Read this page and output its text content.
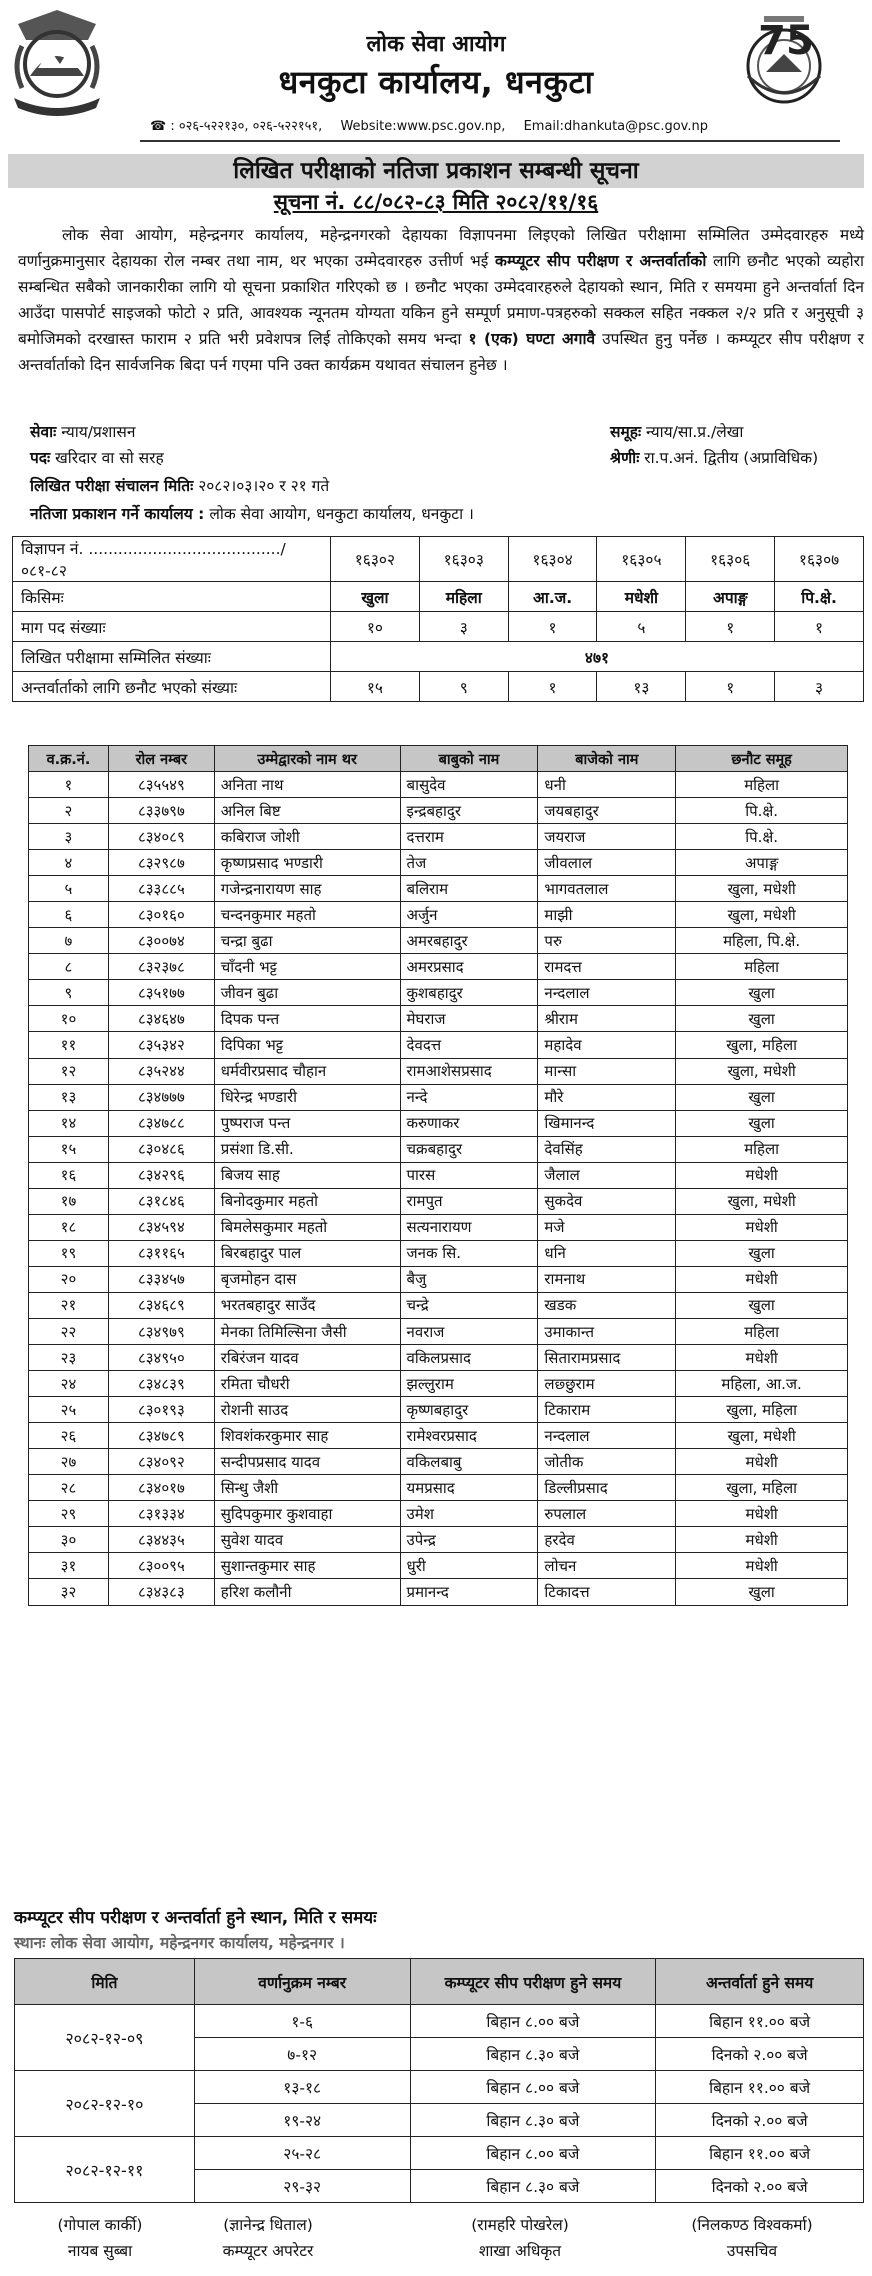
लोक सेवा आयोग
धनकुटा कार्यालय, धनकुटा
75
☎ : ०२६-५२२१३०, ०२६-५२२१५१, Website:www.psc.gov.np, Email:dhankuta@psc.gov.np
लिखित परीक्षाको नतिजा प्रकाशन सम्बन्धी सूचना
सूचना नं. ८८/०८२-८३ मिति २०८२/११/१६
लोक सेवा आयोग, महेन्द्रनगर कार्यालय, महेन्द्रनगरको देहायका विज्ञापनमा लिइएको लिखित परीक्षामा सम्मिलित उम्मेदवारहरु मध्ये वर्णानुक्रमानुसार देहायका रोल नम्बर तथा नाम, थर भएका उम्मेदवारहरु उत्तीर्ण भई कम्प्यूटर सीप परीक्षण र अन्तर्वार्ताको लागि छनौट भएको व्यहोरा सम्बन्धित सबैको जानकारीका लागि यो सूचना प्रकाशित गरिएको छ । छनौट भएका उम्मेदवारहरुले देहायको स्थान, मिति र समयमा हुने अन्तर्वार्ता दिन आउँदा पासपोर्ट साइजको फोटो २ प्रति, आवश्यक न्यूनतम योग्यता यकिन हुने सम्पूर्ण प्रमाण-पत्रहरुको सक्कल सहित नक्कल २/२ प्रति र अनुसूची ३ बमोजिमको दरखास्त फाराम २ प्रति भरी प्रवेशपत्र लिई तोकिएको समय भन्दा १ (एक) घण्टा अगावै उपस्थित हुनु पर्नेछ । कम्प्यूटर सीप परीक्षण र अन्तर्वार्ताको दिन सार्वजनिक बिदा पर्न गएमा पनि उक्त कार्यक्रम यथावत संचालन हुनेछ ।
सेवाः न्याय/प्रशासन	समूहः न्याय/सा.प्र./लेखा
पदः खरिदार वा सो सरह	श्रेणीः रा.प.अनं. द्वितीय (अप्राविधिक)
लिखित परीक्षा संचालन मितिः २०८२।०३।२० र २१ गते
नतिजा प्रकाशन गर्ने कार्यालय : लोक सेवा आयोग, धनकुटा कार्यालय, धनकुटा ।
विज्ञापन नं. ......................................./०८१-८२	१६३०२	१६३०३	१६३०४	१६३०५	१६३०६	१६३०७
किसिमः	खुला	महिला	आ.ज.	मधेशी	अपाङ्ग	पि.क्षे.
माग पद संख्याः	१०	३	१	५	१	१
लिखित परीक्षामा सम्मिलित संख्याः	४७१					
अन्तर्वार्ताको लागि छनौट भएको संख्याः	१५	९	१	१३	१	३
व.क्र.नं.	रोल नम्बर	उम्मेद्वारको नाम थर	बाबुको नाम	बाजेको नाम	छनौट समूह
१	८३५५४९	अनिता नाथ	बासुदेव	धनी	महिला
२	८३३७९७	अनिल बिष्ट	इन्द्रबहादुर	जयबहादुर	पि.क्षे.
३	८३४०८९	कबिराज जोशी	दत्तराम	जयराज	पि.क्षे.
४	८३२९८७	कृष्णप्रसाद भण्डारी	तेज	जीवलाल	अपाङ्ग
५	८३३८८५	गजेन्द्रनारायण साह	बलिराम	भागवतलाल	खुला, मधेशी
६	८३०१६०	चन्दनकुमार महतो	अर्जुन	माझी	खुला, मधेशी
७	८३००७४	चन्द्रा बुढा	अमरबहादुर	परु	महिला, पि.क्षे.
८	८३२३७८	चाँदनी भट्ट	अमरप्रसाद	रामदत्त	महिला
९	८३५१७७	जीवन बुढा	कुशबहादुर	नन्दलाल	खुला
१०	८३४६४७	दिपक पन्त	मेघराज	श्रीराम	खुला
११	८३५३४२	दिपिका भट्ट	देवदत्त	महादेव	खुला, महिला
१२	८३५२४४	धर्मवीरप्रसाद चौहान	रामआशेसप्रसाद	मान्सा	खुला, मधेशी
१३	८३४७७७	धिरेन्द्र भण्डारी	नन्दे	मौरे	खुला
१४	८३४७८८	पुष्पराज पन्त	करुणाकर	खिमानन्द	खुला
१५	८३०४८६	प्रसंशा डि.सी.	चक्रबहादुर	देवसिंह	महिला
१६	८३४२९६	बिजय साह	पारस	जैलाल	मधेशी
१७	८३१८४६	बिनोदकुमार महतो	रामपुत	सुकदेव	खुला, मधेशी
१८	८३४५९४	बिमलेसकुमार महतो	सत्यनारायण	मजे	मधेशी
१९	८३११६५	बिरबहादुर पाल	जनक सि.	धनि	खुला
२०	८३३४५७	बृजमोहन दास	बैजु	रामनाथ	मधेशी
२१	८३४६८९	भरतबहादुर साउँद	चन्द्रे	खडक	खुला
२२	८३४९७९	मेनका तिमिल्सिना जैसी	नवराज	उमाकान्त	महिला
२३	८३४९५०	रबिरंजन यादव	वकिलप्रसाद	सितारामप्रसाद	मधेशी
२४	८३४८३९	रमिता चौधरी	झल्लुराम	लछ्छुराम	महिला, आ.ज.
२५	८३०१९३	रोशनी साउद	कृष्णबहादुर	टिकाराम	खुला, महिला
२६	८३४७८९	शिवशंकरकुमार साह	रामेश्वरप्रसाद	नन्दलाल	खुला, मधेशी
२७	८३४०९२	सन्दीपप्रसाद यादव	वकिलबाबु	जोतीक	मधेशी
२८	८३४०१७	सिन्धु जैशी	यमप्रसाद	डिल्लीप्रसाद	खुला, महिला
२९	८३१३३४	सुदिपकुमार कुशवाहा	उमेश	रुपलाल	मधेशी
३०	८३४४३५	सुवेश यादव	उपेन्द्र	हरदेव	मधेशी
३१	८३००९५	सुशान्तकुमार साह	धुरी	लोचन	मधेशी
३२	८३४३८३	हरिश कलौनी	प्रमानन्द	टिकादत्त	खुला
कम्प्यूटर सीप परीक्षण र अन्तर्वार्ता हुने स्थान, मिति र समयः
स्थानः लोक सेवा आयोग, महेन्द्रनगर कार्यालय, महेन्द्रनगर ।
मिति	वर्णानुक्रम नम्बर	कम्प्यूटर सीप परीक्षण हुने समय	अन्तर्वार्ता हुने समय
२०८२-१२-०९	१-६	बिहान ८.०० बजे	बिहान ११.०० बजे
	७-१२	बिहान ८.३० बजे	दिनको २.०० बजे
२०८२-१२-१०	१३-१८	बिहान ८.०० बजे	बिहान ११.०० बजे
	१९-२४	बिहान ८.३० बजे	दिनको २.०० बजे
२०८२-१२-११	२५-२८	बिहान ८.०० बजे	बिहान ११.०० बजे
	२९-३२	बिहान ८.३० बजे	दिनको २.०० बजे
(गोपाल कार्की)
नायब सुब्बा
(ज्ञानेन्द्र धिताल)
कम्प्यूटर अपरेटर
(रामहरि पोखरेल)
शाखा अधिकृत
(निलकण्ठ विश्वकर्मा)
उपसचिव
